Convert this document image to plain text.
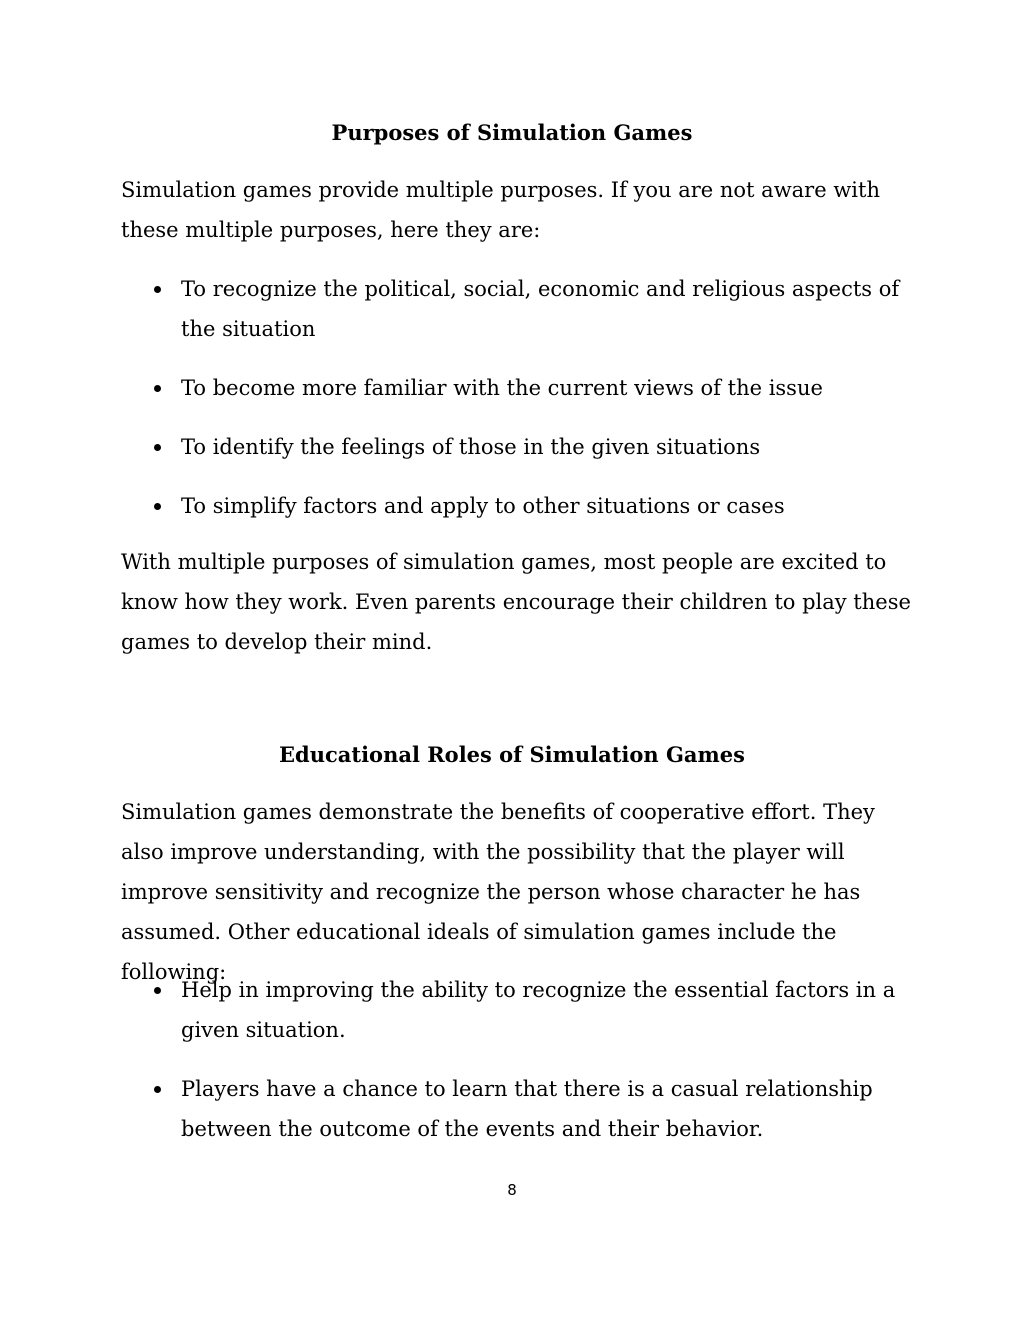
Purposes of Simulation Games

Simulation games provide multiple purposes. If you are not aware with these multiple purposes, here they are:

To recognize the political, social, economic and religious aspects of the situation
To become more familiar with the current views of the issue
To identify the feelings of those in the given situations
To simplify factors and apply to other situations or cases

With multiple purposes of simulation games, most people are excited to know how they work. Even parents encourage their children to play these games to develop their mind.

Educational Roles of Simulation Games

Simulation games demonstrate the benefits of cooperative effort. They also improve understanding, with the possibility that the player will improve sensitivity and recognize the person whose character he has assumed. Other educational ideals of simulation games include the following:

Help in improving the ability to recognize the essential factors in a given situation.
Players have a chance to learn that there is a casual relationship between the outcome of the events and their behavior.
8
